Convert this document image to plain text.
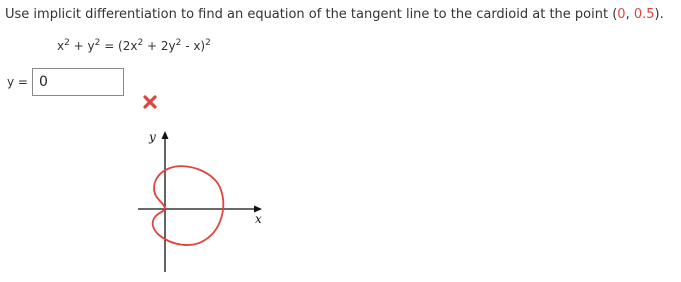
Use implicit differentiation to find an equation of the tangent line to the cardioid at the point (0, 0.5).
$x^2 + y^2 = (2x^2 + 2y^2 - x)^2$
y =
0
y
x
